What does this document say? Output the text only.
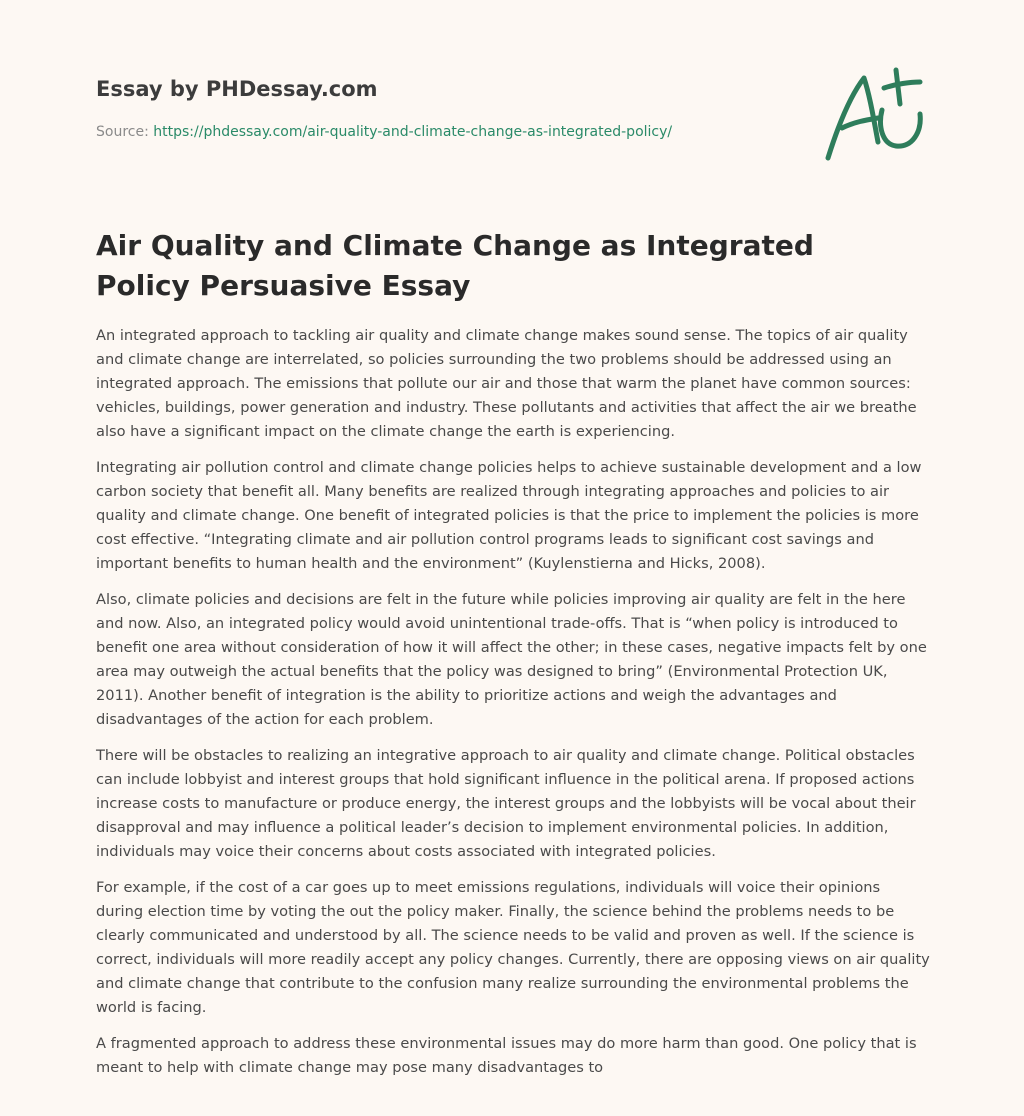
Essay by PHDessay.com

Source: https://phdessay.com/air-quality-and-climate-change-as-integrated-policy/
Air Quality and Climate Change as Integrated Policy Persuasive Essay

An integrated approach to tackling air quality and climate change makes sound sense. The topics of air quality and climate change are interrelated, so policies surrounding the two problems should be addressed using an integrated approach. The emissions that pollute our air and those that warm the planet have common sources: vehicles, buildings, power generation and industry. These pollutants and activities that affect the air we breathe also have a significant impact on the climate change the earth is experiencing.

Integrating air pollution control and climate change policies helps to achieve sustainable development and a low carbon society that benefit all. Many benefits are realized through integrating approaches and policies to air quality and climate change. One benefit of integrated policies is that the price to implement the policies is more cost effective. “Integrating climate and air pollution control programs leads to significant cost savings and important benefits to human health and the environment” (Kuylenstierna and Hicks, 2008).

Also, climate policies and decisions are felt in the future while policies improving air quality are felt in the here and now. Also, an integrated policy would avoid unintentional trade-offs. That is “when policy is introduced to benefit one area without consideration of how it will affect the other; in these cases, negative impacts felt by one area may outweigh the actual benefits that the policy was designed to bring” (Environmental Protection UK, 2011). Another benefit of integration is the ability to prioritize actions and weigh the advantages and disadvantages of the action for each problem.

There will be obstacles to realizing an integrative approach to air quality and climate change. Political obstacles can include lobbyist and interest groups that hold significant influence in the political arena. If proposed actions increase costs to manufacture or produce energy, the interest groups and the lobbyists will be vocal about their disapproval and may influence a political leader’s decision to implement environmental policies. In addition, individuals may voice their concerns about costs associated with integrated policies.

For example, if the cost of a car goes up to meet emissions regulations, individuals will voice their opinions during election time by voting the out the policy maker. Finally, the science behind the problems needs to be clearly communicated and understood by all. The science needs to be valid and proven as well. If the science is correct, individuals will more readily accept any policy changes. Currently, there are opposing views on air quality and climate change that contribute to the confusion many realize surrounding the environmental problems the world is facing.

A fragmented approach to address these environmental issues may do more harm than good. One policy that is meant to help with climate change may pose many disadvantages to
